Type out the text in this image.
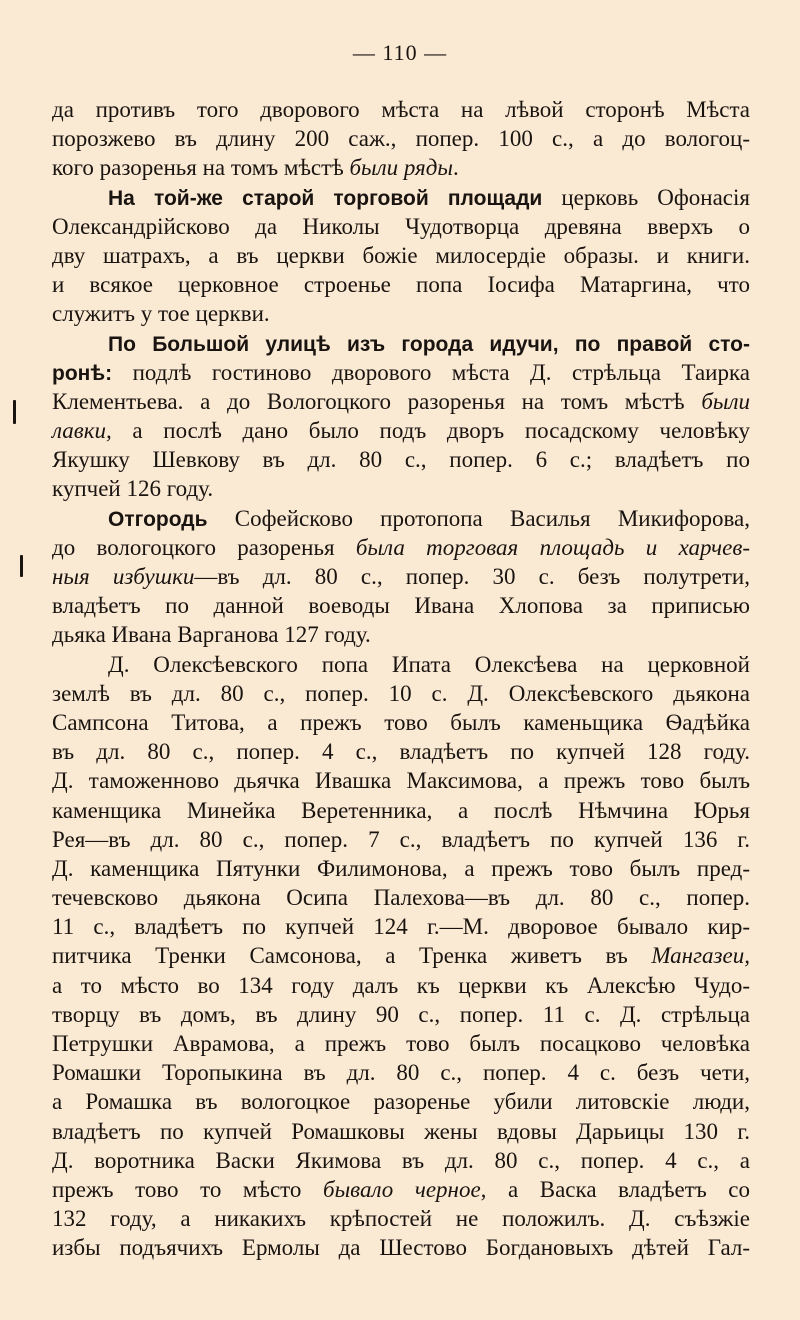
— 110 —
да противъ того дворового мѣста на лѣвой сторонѣ Мѣста
порозжево въ длину 200 саж., попер. 100 с., а до вологоц-
кого разоренья на томъ мѣстѣ были ряды.
На той-же старой торговой площади церковь Офонасія
Олександрійсково да Николы Чудотворца древяна вверхъ о
дву шатрахъ, а въ церкви божіе милосердіе образы. и книги.
и всякое церковное строенье попа Іосифа Матаргина, что
служитъ у тое церкви.
По Большой улицѣ изъ города идучи, по правой сто-
ронѣ: подлѣ гостиново дворового мѣста Д. стрѣльца Таирка
Клементьева. а до Вологоцкого разоренья на томъ мѣстѣ были
лавки, а послѣ дано было подъ дворъ посадскому человѣку
Якушку Шевкову въ дл. 80 с., попер. 6 с.; владѣетъ по
купчей 126 году.
Отгородь Софейсково протопопа Василья Микифорова,
до вологоцкого разоренья была торговая площадь и харчев-
ныя избушки—въ дл. 80 с., попер. 30 с. безъ полутрети,
владѣетъ по данной воеводы Ивана Хлопова за приписью
дьяка Ивана Варганова 127 году.
Д. Олексѣевского попа Ипата Олексѣева на церковной
землѣ въ дл. 80 с., попер. 10 с. Д. Олексѣевского дьякона
Сампсона Титова, а прежъ тово былъ каменьщика Ѳадѣйка
въ дл. 80 с., попер. 4 с., владѣетъ по купчей 128 году.
Д. таможенново дьячка Ивашка Максимова, а прежъ тово былъ
каменщика Минейка Веретенника, а послѣ Нѣмчина Юрья
Рея—въ дл. 80 с., попер. 7 с., владѣетъ по купчей 136 г.
Д. каменщика Пятунки Филимонова, а прежъ тово былъ пред-
течевсково дьякона Осипа Палехова—въ дл. 80 с., попер.
11 с., владѣетъ по купчей 124 г.—М. дворовое бывало кир-
питчика Тренки Самсонова, а Тренка живетъ въ Мангазеи,
а то мѣсто во 134 году далъ къ церкви къ Алексѣю Чудо-
творцу въ домъ, въ длину 90 с., попер. 11 с. Д. стрѣльца
Петрушки Аврамова, а прежъ тово былъ посацково человѣка
Ромашки Торопыкина въ дл. 80 с., попер. 4 с. безъ чети,
а Ромашка въ вологоцкое разоренье убили литовскіе люди,
владѣетъ по купчей Ромашковы жены вдовы Дарьицы 130 г.
Д. воротника Васки Якимова въ дл. 80 с., попер. 4 с., а
прежъ тово то мѣсто бывало черное, а Васка владѣетъ со
132 году, а никакихъ крѣпостей не положилъ. Д. съѣзжіе
избы подъячихъ Ермолы да Шестово Богдановыхъ дѣтей Гал-
